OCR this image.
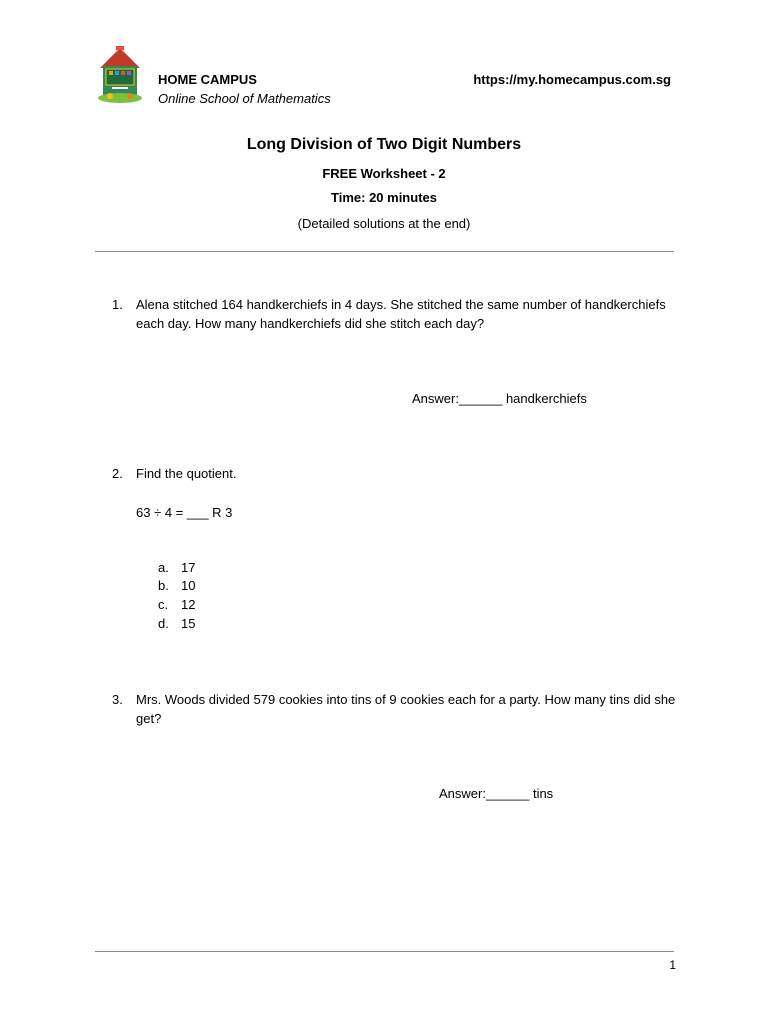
HOME CAMPUS
Online School of Mathematics
https://my.homecampus.com.sg
Long Division of Two Digit Numbers
FREE Worksheet - 2
Time: 20 minutes
(Detailed solutions at the end)
1. Alena stitched 164 handkerchiefs in 4 days. She stitched the same number of handkerchiefs each day. How many handkerchiefs did she stitch each day?
Answer:______ handkerchiefs
2. Find the quotient.
63 ÷ 4 = ___ R 3
a. 17
b. 10
c. 12
d. 15
3. Mrs. Woods divided 579 cookies into tins of 9 cookies each for a party. How many tins did she get?
Answer:______ tins
1
